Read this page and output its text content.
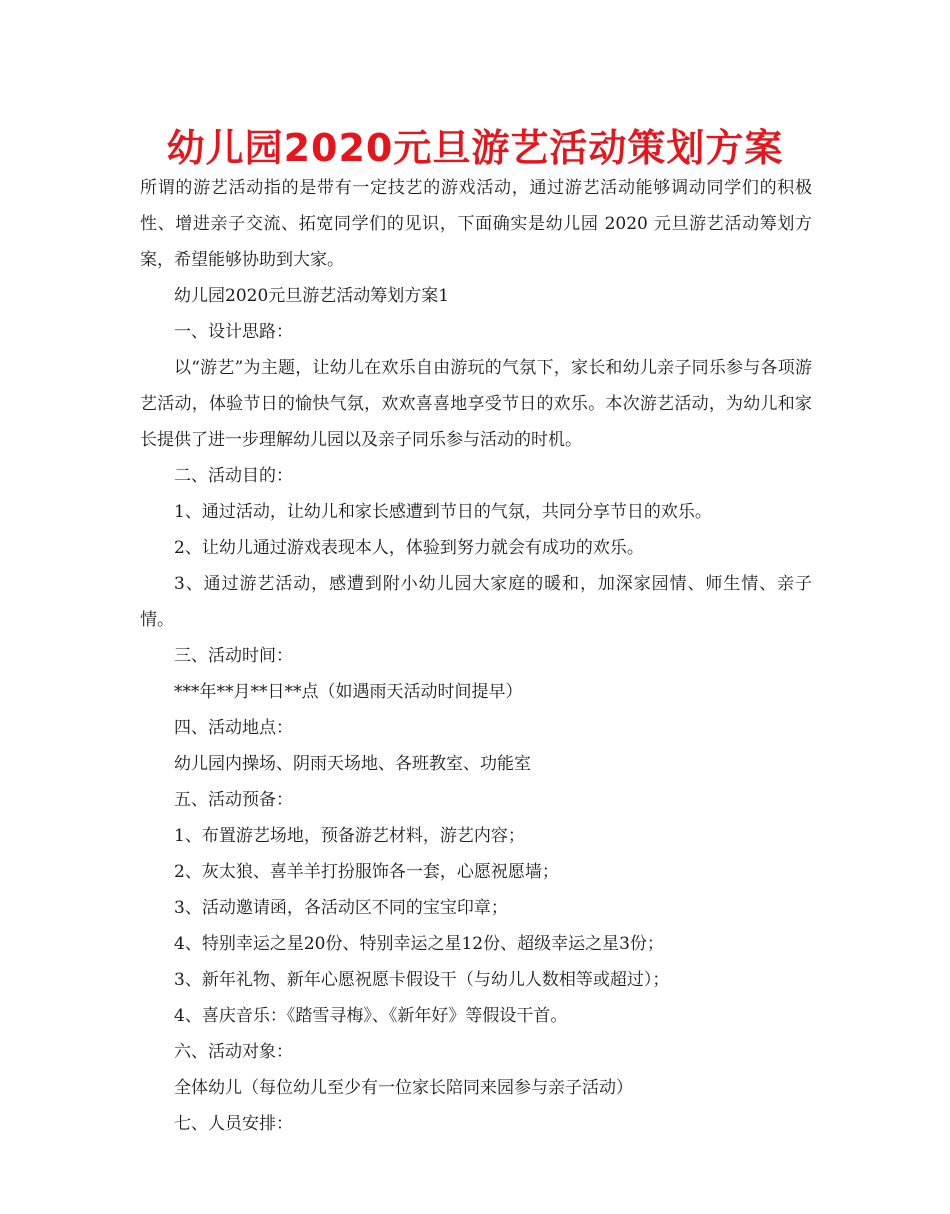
幼儿园2020元旦游艺活动策划方案

所谓的游艺活动指的是带有一定技艺的游戏活动，通过游艺活动能够调动同学们的积极性、增进亲子交流、拓宽同学们的见识，下面确实是幼儿园 2020 元旦游艺活动筹划方案，希望能够协助到大家。

幼儿园2020元旦游艺活动筹划方案1

一、设计思路：

以“游艺”为主题，让幼儿在欢乐自由游玩的气氛下，家长和幼儿亲子同乐参与各项游艺活动，体验节日的愉快气氛，欢欢喜喜地享受节日的欢乐。本次游艺活动，为幼儿和家长提供了进一步理解幼儿园以及亲子同乐参与活动的时机。

二、活动目的：

1、通过活动，让幼儿和家长感遭到节日的气氛，共同分享节日的欢乐。

2、让幼儿通过游戏表现本人，体验到努力就会有成功的欢乐。

3、通过游艺活动，感遭到附小幼儿园大家庭的暖和，加深家园情、师生情、亲子情。

三、活动时间：

***年**月**日**点（如遇雨天活动时间提早）

四、活动地点：

幼儿园内操场、阴雨天场地、各班教室、功能室

五、活动预备：

1、布置游艺场地，预备游艺材料，游艺内容；

2、灰太狼、喜羊羊打扮服饰各一套，心愿祝愿墙；

3、活动邀请函，各活动区不同的宝宝印章；

4、特别幸运之星20份、特别幸运之星12份、超级幸运之星3份；

3、新年礼物、新年心愿祝愿卡假设干（与幼儿人数相等或超过）；

4、喜庆音乐：《踏雪寻梅》、《新年好》等假设干首。

六、活动对象：

全体幼儿（每位幼儿至少有一位家长陪同来园参与亲子活动）

七、人员安排：
